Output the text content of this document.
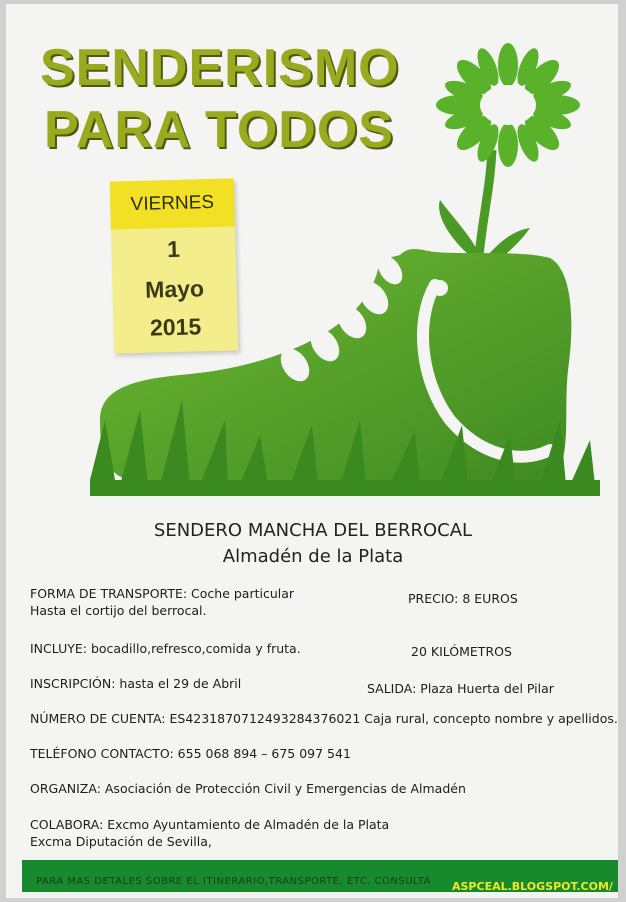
SENDERISMO
PARA TODOS
VIERNES
1
Mayo
2015
SENDERO MANCHA DEL BERROCAL
Almadén de la Plata
FORMA DE TRANSPORTE: Coche particular
Hasta el cortijo del berrocal.
PRECIO: 8 EUROS
INCLUYE: bocadillo,refresco,comida y fruta.	20 KILÓMETROS
INSCRIPCIÓN: hasta el 29 de Abril	SALIDA: Plaza Huerta del Pilar
NÚMERO DE CUENTA: ES4231870712493284376021 Caja rural, concepto nombre y apellidos.
TELÉFONO CONTACTO: 655 068 894 – 675 097 541
ORGANIZA: Asociación de Protección Civil y Emergencias de Almadén
COLABORA: Excmo Ayuntamiento de Almadén de la Plata
Excma Diputación de Sevilla,
PARA MAS DETALES SOBRE EL ITINERARIO,TRANSPORTE, ETC. CONSULTA ASPCEAL.BLOGSPOT.COM/
